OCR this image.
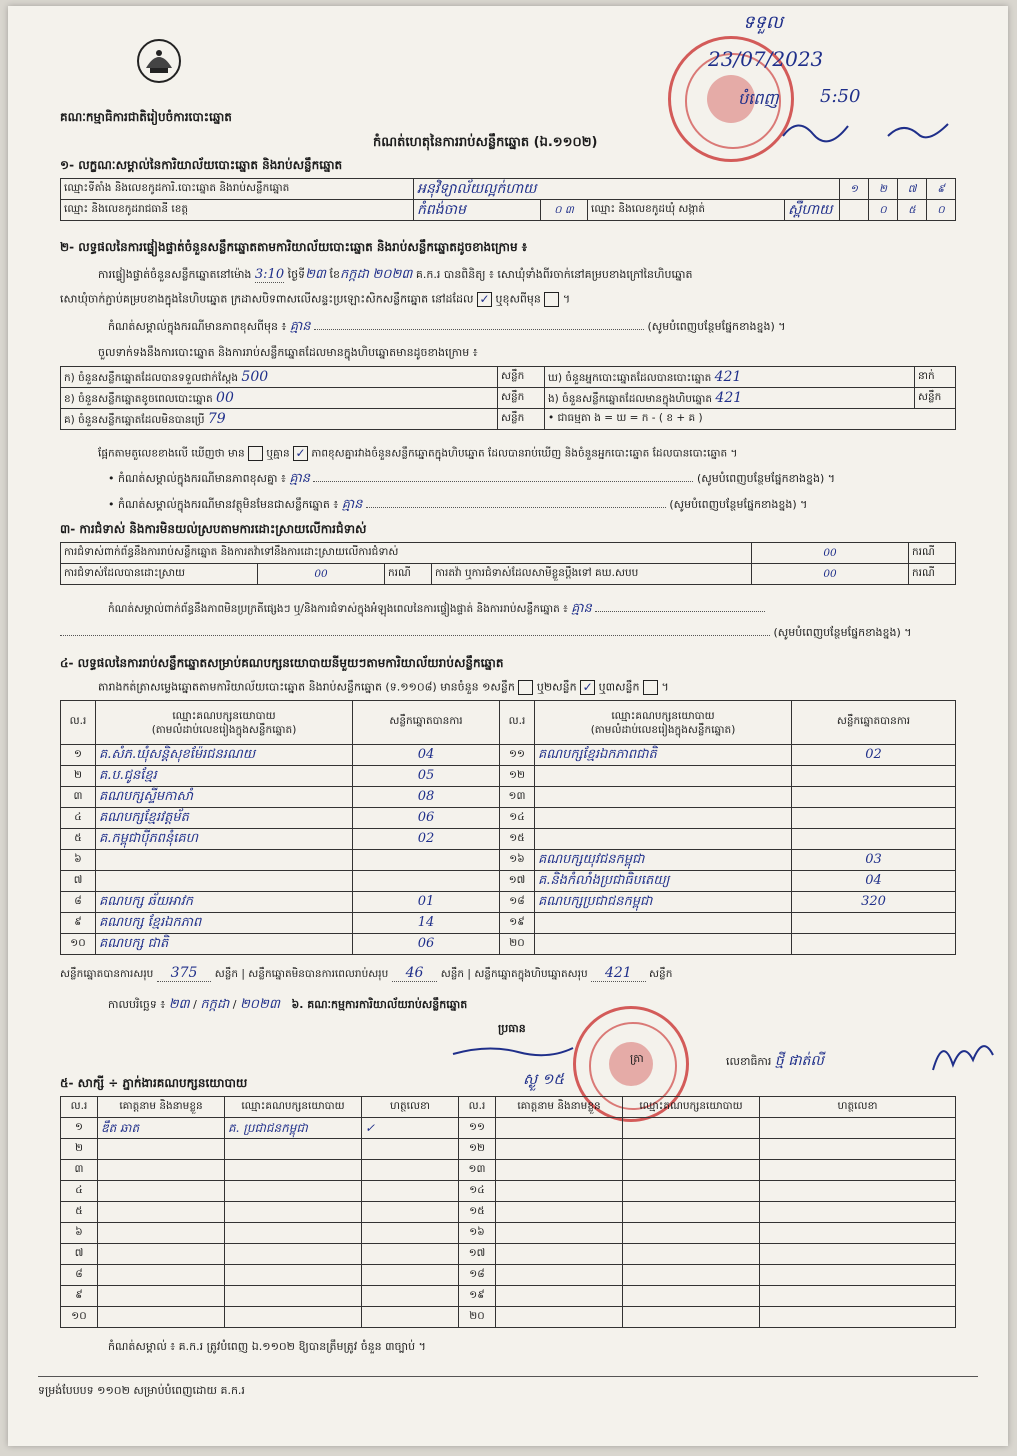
គណៈកម្មាធិការជាតិរៀបចំការបោះឆ្នោត
កំណត់ហេតុនៃការរាប់សន្លឹកឆ្នោត (ឯ.១១០២)
ទទួល
23/07/2023
5:50
បំពេញ
១- លក្ខណៈសម្គាល់នៃការិយាល័យបោះឆ្នោត និងរាប់សន្លឹកឆ្នោត
ឈ្មោះទីតាំង និងលេខកូដការិ.បោះឆ្នោត និងរាប់សន្លឹកឆ្នោត	អនុវិទ្យាល័យល្អក់ហាយ				១	២	៧	៩
ឈ្មោះ និងលេខកូដរាជធានី ខេត្ត	កំពង់ចាម	០ ៣	ឈ្មោះ និងលេខកូដឃុំ សង្កាត់	ស្ពឺហាយ		០	៥	០
២- លទ្ធផលនៃការផ្ទៀងផ្ទាត់ចំនួនសន្លឹកឆ្នោតតាមការិយាល័យបោះឆ្នោត និងរាប់សន្លឹកឆ្នោតដូចខាងក្រោម ៖
ការផ្ទៀងផ្ទាត់ចំនួនសន្លឹកឆ្នោតនៅម៉ោង 3:10 ថ្ងៃទី២៣ ខែកក្កដា ២០២៣ គ.ក.រ បានពិនិត្យ ៖ សោឃុំទាំងពីរចាក់នៅគម្របខាងក្រៅនៃហិបឆ្នោត
សោឃុំចាក់ភ្ជាប់គម្របខាងក្នុងនៃហិបឆ្នោត ក្រដាសបិទពាសលើសន្ទះប្រឡោះសិកសន្លឹកឆ្នោត នៅដដែល ✓ ឬខុសពីមុន  ។
កំណត់សម្គាល់ក្នុងករណីមានភាពខុសពីមុន ៖ គ្មាន	(សូមបំពេញបន្ថែមផ្នែកខាងខ្នង) ។
ចួលទាក់ទងនឹងការបោះឆ្នោត និងការរាប់សន្លឹកឆ្នោតដែលមានក្នុងហិបឆ្នោតមានដូចខាងក្រោម ៖
ក) ចំនួនសន្លឹកឆ្នោតដែលបានទទួលជាក់ស្តែង 500	សន្លឹក	ឃ) ចំនួនអ្នកបោះឆ្នោតដែលបានបោះឆ្នោត 421	នាក់
ខ) ចំនួនសន្លឹកឆ្នោតខូចពេលបោះឆ្នោត 00	សន្លឹក	ង) ចំនួនសន្លឹកឆ្នោតដែលមានក្នុងហិបឆ្នោត 421	សន្លឹក
គ) ចំនួនសន្លឹកឆ្នោតដែលមិនបានប្រើ 79	សន្លឹក	• ជាធម្មតា ង = ឃ = ក - ( ខ + គ )	
ផ្អែកតាមតួលេខខាងលើ ឃើញថា មាន ឬគ្មាន ✓ ភាពខុសគ្នារវាងចំនួនសន្លឹកឆ្នោតក្នុងហិបឆ្នោត ដែលបានរាប់ឃើញ និងចំនួនអ្នកបោះឆ្នោត ដែលបានបោះឆ្នោត ។
• កំណត់សម្គាល់ក្នុងករណីមានភាពខុសគ្នា ៖ គ្មាន	(សូមបំពេញបន្ថែមផ្នែកខាងខ្នង) ។
• កំណត់សម្គាល់ក្នុងករណីមានវត្ថុមិនមែនជាសន្លឹកឆ្នោត ៖ គ្មាន	(សូមបំពេញបន្ថែមផ្នែកខាងខ្នង) ។
៣- ការជំទាស់ និងការមិនយល់ស្របតាមការដោះស្រាយលើការជំទាស់
ការជំទាស់ពាក់ព័ន្ធនឹងការរាប់សន្លឹកឆ្នោត និងការតវ៉ាទៅនឹងការដោះស្រាយលើការជំទាស់				00	ករណី
ការជំទាស់ដែលបានដោះស្រាយ	00	ករណី	ការតវ៉ា ឬការជំទាស់ដែលសាមីខ្លួនប្តឹងទៅ គឃ.សបប	00	ករណី
កំណត់សម្គាល់ពាក់ព័ន្ធនឹងភាពមិនប្រក្រតីផ្សេងៗ ឬ/និងការជំទាស់ក្នុងអំឡុងពេលនៃការផ្ទៀងផ្ទាត់ និងការរាប់សន្លឹកឆ្នោត ៖ គ្មាន
(សូមបំពេញបន្ថែមផ្នែកខាងខ្នង) ។
៤- លទ្ធផលនៃការរាប់សន្លឹកឆ្នោតសម្រាប់គណបក្សនយោបាយនីមួយៗតាមការិយាល័យរាប់សន្លឹកឆ្នោត
តារាងកត់ត្រាសម្លេងឆ្នោតតាមការិយាល័យបោះឆ្នោត និងរាប់សន្លឹកឆ្នោត (ទ.១១០៨) មានចំនួន ១សន្លឹក ឬ២សន្លឹក ✓ ឬ៣សន្លឹក  ។
ល.រ	ឈ្មោះគណបក្សនយោបាយ
(តាមលំដាប់លេខរៀងក្នុងសន្លឹកឆ្នោត)	សន្លឹកឆ្នោតបានការ	ល.រ	ឈ្មោះគណបក្សនយោបាយ
(តាមលំដាប់លេខរៀងក្នុងសន្លឹកឆ្នោត)	សន្លឹកឆ្នោតបានការ
១	គ.សំភ.ឃុំសន្តិសុខម៉ែរជនរណយ	04	១១	គណបក្សខ្មែរឯកភាពជាតិ	02
២	គ.ប.ជូនខ្មែរ	05	១២		
៣	គណបក្សស្ទីមកាសាំ	08	១៣		
៤	គណបក្សខ្មែរវត្តម័ត	06	១៤		
៥	គ.កម្ពុជាប៉ីភពនុំគេហ	02	១៥		
៦			១៦	គណបក្សយុវជនកម្ពុជា	03
៧			១៧	គ.និងកំលាំងប្រជាធិបតេយ្យ	04
៨	គណបក្ស ឆ័យអាវក	01	១៨	គណបក្សប្រជាជនកម្ពុជា	320
៩	គណបក្ស ខ្មែរឯកភាព	14	១៩		
១០	គណបក្ស ជាតិ	06	២០		
សន្លឹកឆ្នោតបានការសរុប 375 សន្លឹក | សន្លឹកឆ្នោតមិនបានការពេលរាប់សរុប 46 សន្លឹក | សន្លឹកឆ្នោតក្នុងហិបឆ្នោតសរុប 421 សន្លឹក
កាលបរិច្ឆេទ ៖ ២៣ / កក្កដា / ២០២៣ ៦. គណៈកម្មការការិយាល័យរាប់សន្លឹកឆ្នោត
ប្រធាន
ស្ងួ ១៥
ត្រា	លេខាធិការ ថ្មី ផាត់លី
៥- សាក្សី ÷ ភ្នាក់ងារគណបក្សនយោបាយ
ល.រ	គោត្តនាម និងនាមខ្លួន	ឈ្មោះគណបក្សនយោបាយ	ហត្ថលេខា	ល.រ	គោត្តនាម និងនាមខ្លួន	ឈ្មោះគណបក្សនយោបាយ	ហត្ថលេខា
១	ឌឹត ឆាត	គ. ប្រជាជនកម្ពុជា	✓	១១			
២				១២			
៣				១៣			
៤				១៤			
៥				១៥			
៦				១៦			
៧				១៧			
៨				១៨			
៩				១៩			
១០				២០			
កំណត់សម្គាល់ ៖ គ.ក.រ ត្រូវបំពេញ ឯ.១១០២ ឱ្យបានត្រឹមត្រូវ ចំនួន ៣ច្បាប់ ។
ទម្រង់បែបបទ ១១០២ សម្រាប់បំពេញដោយ គ.ក.រ
